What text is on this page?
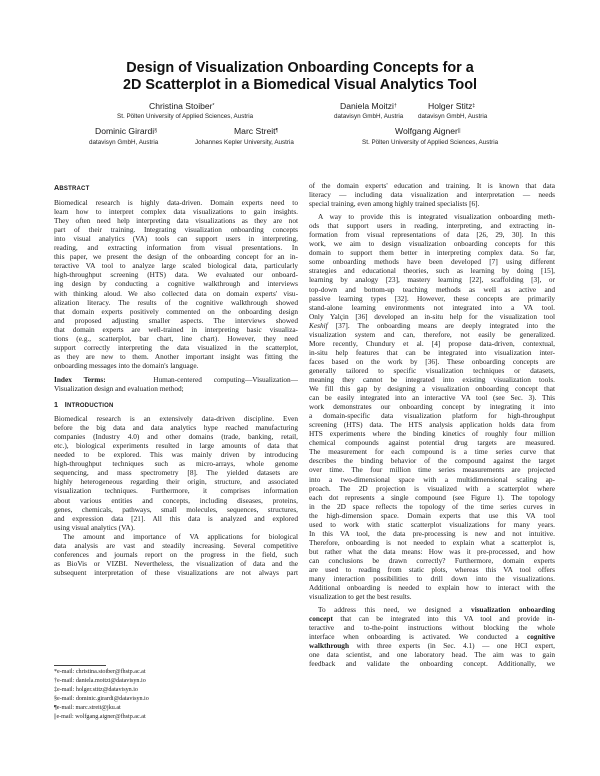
Design of Visualization Onboarding Concepts for a
2D Scatterplot in a Biomedical Visual Analytics Tool
Christina Stoiber*
St. Pölten University of Applied Sciences, Austria
Daniela Moitzi†
datavisyn GmbH, Austria
Holger Stitz‡
datavisyn GmbH, Austria
Dominic Girardi§
datavisyn GmbH, Austria
Marc Streit¶
Johannes Kepler University, Austria
Wolfgang Aigner||
St. Pölten University of Applied Sciences, Austria
ABSTRACT
Biomedical research is highly data-driven. Domain experts need to
learn how to interpret complex data visualizations to gain insights.
They often need help interpreting data visualizations as they are not
part of their training. Integrating visualization onboarding concepts
into visual analytics (VA) tools can support users in interpreting,
reading, and extracting information from visual presentations. In
this paper, we present the design of the onboarding concept for an in-
teractive VA tool to analyze large scaled biological data, particularly
high-throughput screening (HTS) data. We evaluated our onboard-
ing design by conducting a cognitive walkthrough and interviews
with thinking aloud. We also collected data on domain experts' visu-
alization literacy. The results of the cognitive walkthrough showed
that domain experts positively commented on the onboarding design
and proposed adjusting smaller aspects. The interviews showed
that domain experts are well-trained in interpreting basic visualiza-
tions (e.g., scatterplot, bar chart, line chart). However, they need
support correctly interpreting the data visualized in the scatterplot,
as they are new to them. Another important insight was fitting the
onboarding messages into the domain's language.
Index Terms:	Human-centered computing—Visualization—
Visualization design and evaluation method;
1   INTRODUCTION
Biomedical research is an extensively data-driven discipline. Even
before the big data and data analytics hype reached manufacturing
companies (Industry 4.0) and other domains (trade, banking, retail,
etc.), biological experiments resulted in large amounts of data that
needed to be explored. This was mainly driven by introducing
high-throughput techniques such as micro-arrays, whole genome
sequencing, and mass spectrometry [8]. The yielded datasets are
highly heterogeneous regarding their origin, structure, and associated
visualization techniques. Furthermore, it comprises information
about various entities and concepts, including diseases, proteins,
genes, chemicals, pathways, small molecules, sequences, structures,
and expression data [21]. All this data is analyzed and explored
using visual analytics (VA).
The amount and importance of VA applications for biological
data analysis are vast and steadily increasing. Several competitive
conferences and journals report on the progress in the field, such
as BioVis or VIZBI. Nevertheless, the visualization of data and the
subsequent interpretation of these visualizations are not always part
*e-mail: christina.stoiber@fhstp.ac.at
†e-mail: daniela.moitzi@datavisyn.io
‡e-mail: holger.stitz@datavisyn.io
§e-mail: dominic.girardi@datavisyn.io
¶e-mail: marc.streit@jku.at
||e-mail: wolfgang.aigner@fhstp.ac.at
of the domain experts' education and training. It is known that data
literacy — including data visualization and interpretation — needs
special training, even among highly trained specialists [6].
A way to provide this is integrated visualization onboarding meth-
ods that support users in reading, interpreting, and extracting in-
formation from visual representations of data [26, 29, 30]. In this
work, we aim to design visualization onboarding concepts for this
domain to support them better in interpreting complex data. So far,
some onboarding methods have been developed [7] using different
strategies and educational theories, such as learning by doing [15],
learning by analogy [23], mastery learning [22], scaffolding [3], or
top-down and bottom-up teaching methods as well as active and
passive learning types [32]. However, these concepts are primarily
stand-alone learning environments not integrated into a VA tool.
Only Yalçin [36] developed an in-situ help for the visualization tool
Keshif [37]. The onboarding means are deeply integrated into the
visualization system and can, therefore, not easily be generalized.
More recently, Chundury et al. [4] propose data-driven, contextual,
in-situ help features that can be integrated into visualization inter-
faces based on the work by [36]. These onboarding concepts are
generally tailored to specific visualization techniques or datasets,
meaning they cannot be integrated into existing visualization tools.
We fill this gap by designing a visualization onboarding concept that
can be easily integrated into an interactive VA tool (see Sec. 3). This
work demonstrates our onboarding concept by integrating it into
a domain-specific data visualization platform for high-throughput
screening (HTS) data. The HTS analysis application holds data from
HTS experiments where the binding kinetics of roughly four million
chemical compounds against potential drug targets are measured.
The measurement for each compound is a time series curve that
describes the binding behavior of the compound against the target
over time. The four million time series measurements are projected
into a two-dimensional space with a multidimensional scaling ap-
proach. The 2D projection is visualized with a scatterplot where
each dot represents a single compound (see Figure 1). The topology
in the 2D space reflects the topology of the time series curves in
the high-dimension space. Domain experts that use this VA tool
used to work with static scatterplot visualizations for many years.
In this VA tool, the data pre-processing is new and not intuitive.
Therefore, onboarding is not needed to explain what a scatterplot is,
but rather what the data means: How was it pre-processed, and how
can conclusions be drawn correctly? Furthermore, domain experts
are used to reading from static plots, whereas this VA tool offers
many interaction possibilities to drill down into the visualizations.
Additional onboarding is needed to explain how to interact with the
visualization to get the best results.
To address this need, we designed a visualization onboarding
concept that can be integrated into this VA tool and provide in-
teractive and to-the-point instructions without blocking the whole
interface when onboarding is activated. We conducted a cognitive
walkthrough with three experts (in Sec. 4.1) — one HCI expert,
one data scientist, and one laboratory head. The aim was to gain
feedback and validate the onboarding concept. Additionally, we
